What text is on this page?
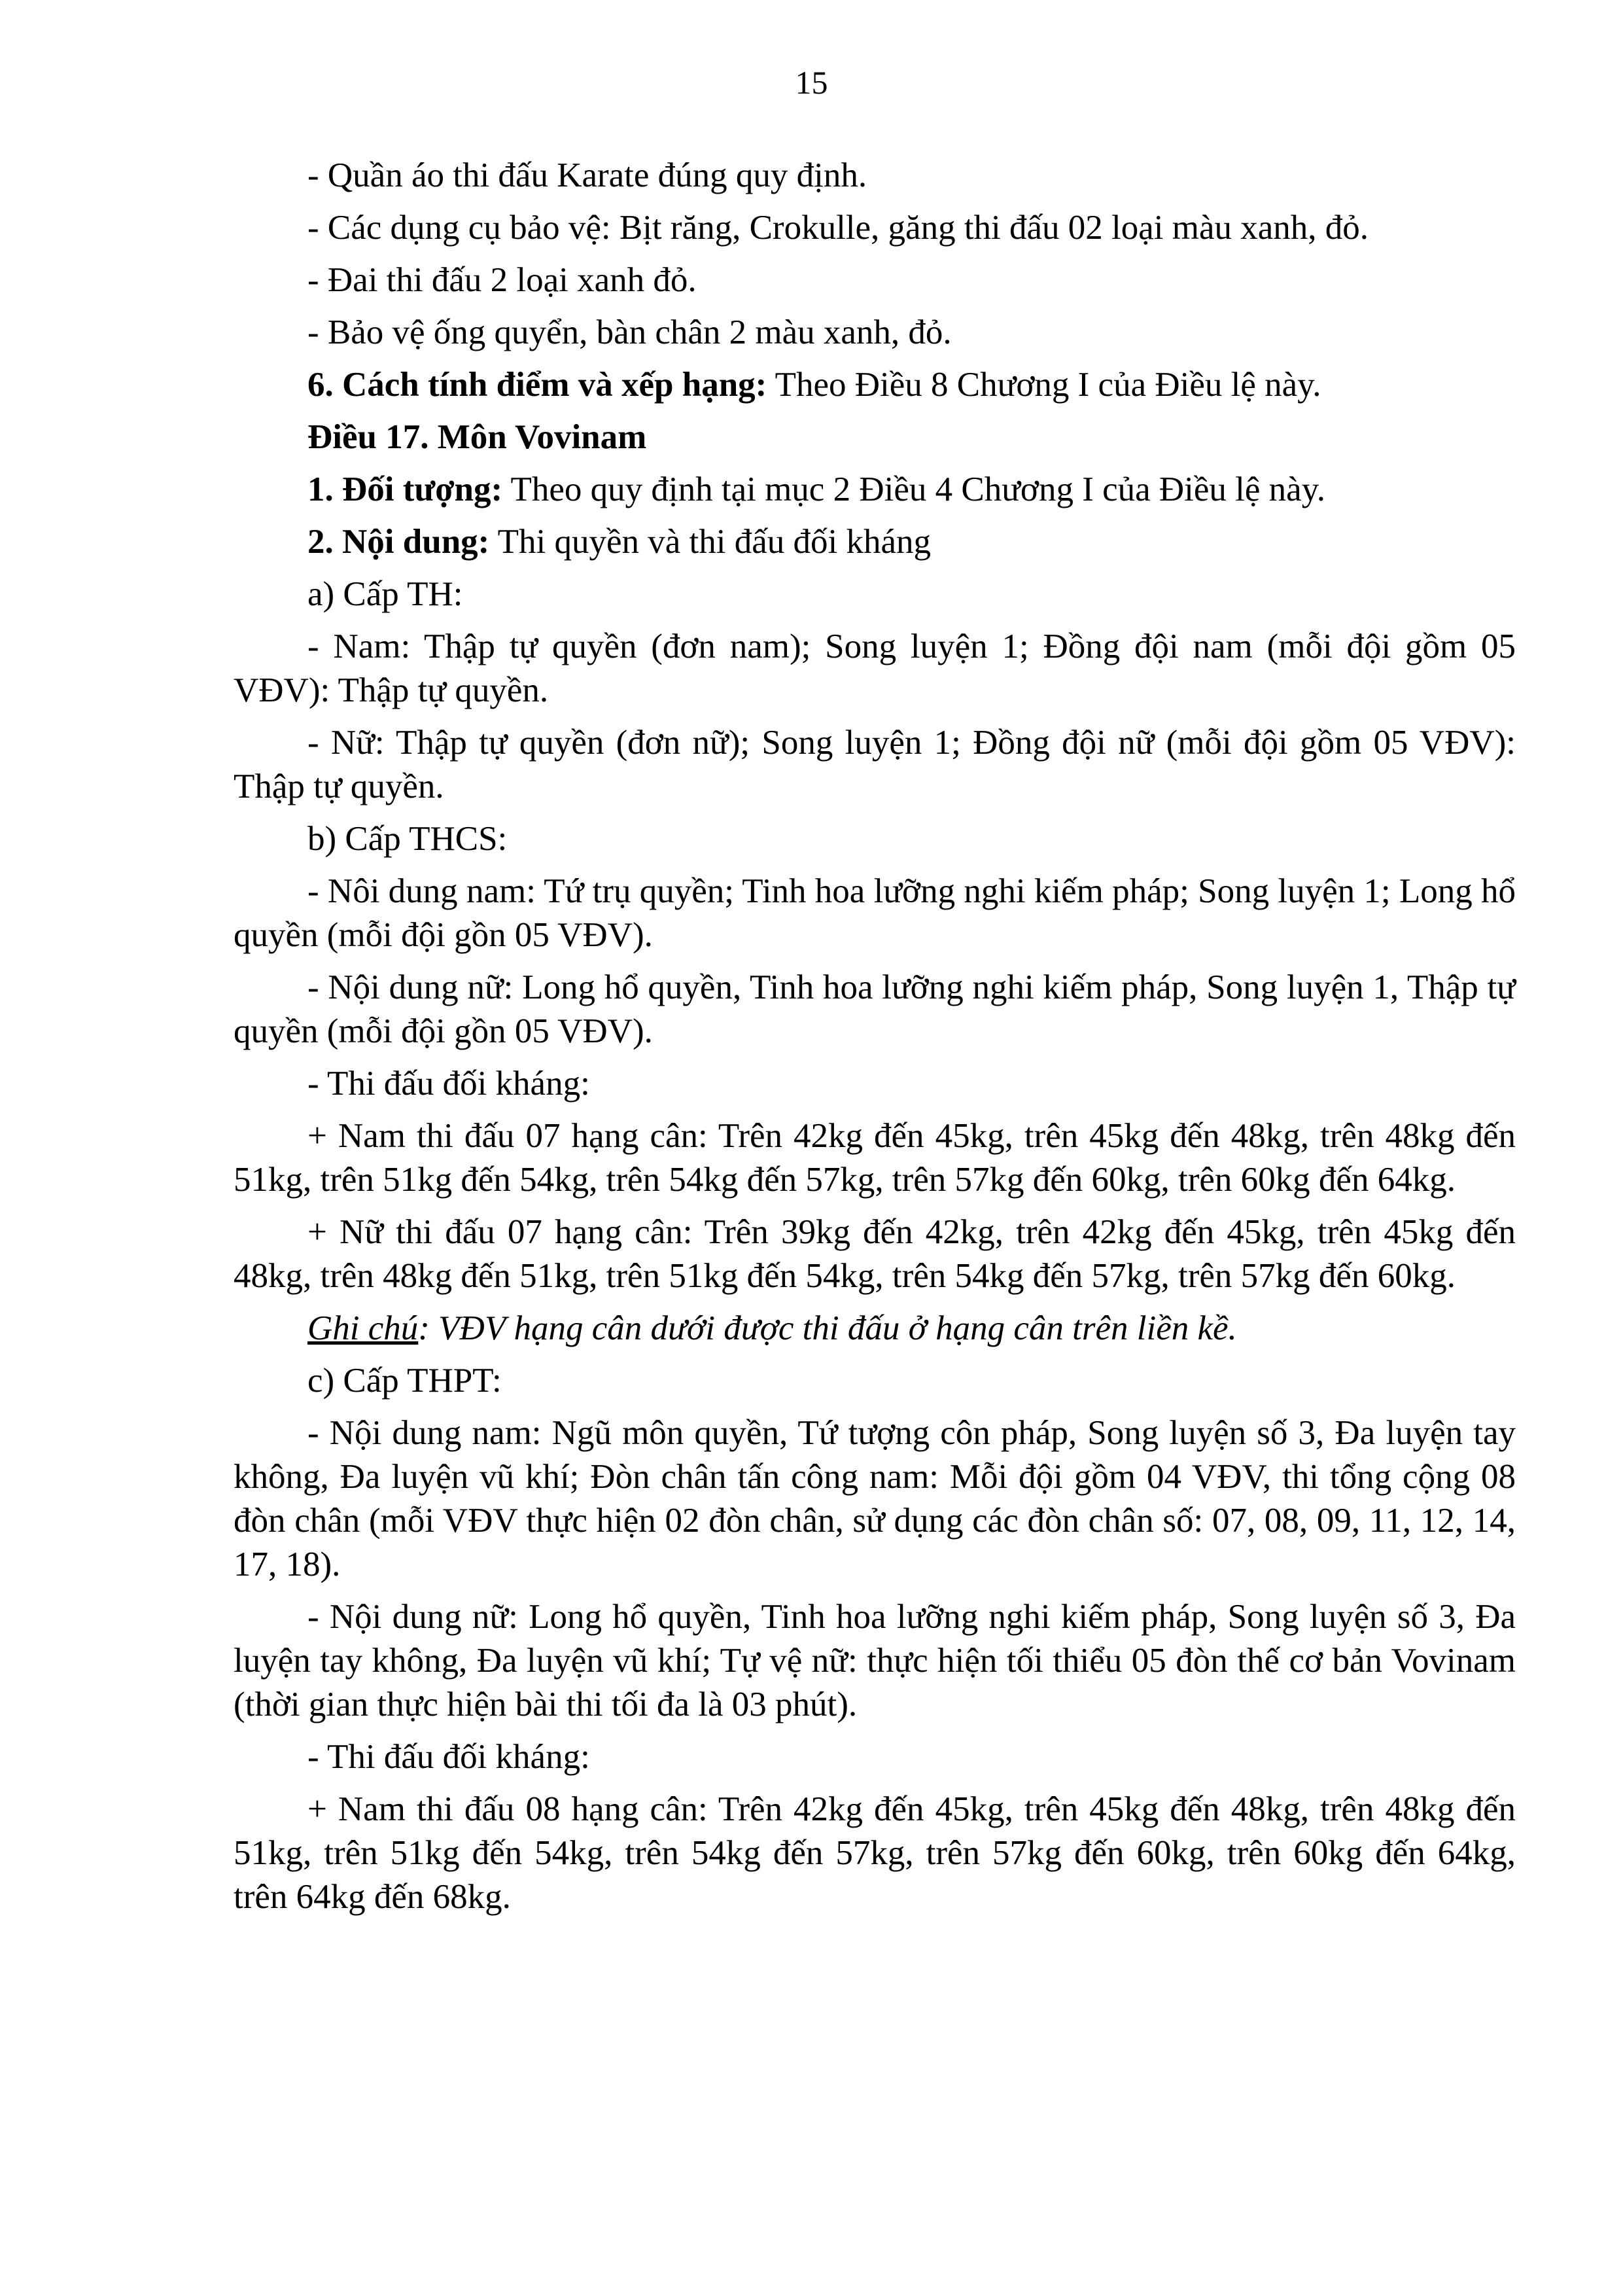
15

- Quần áo thi đấu Karate đúng quy định.

- Các dụng cụ bảo vệ: Bịt răng, Crokulle, găng thi đấu 02 loại màu xanh, đỏ.

- Đai thi đấu 2 loại xanh đỏ.

- Bảo vệ ống quyển, bàn chân 2 màu xanh, đỏ.

6. Cách tính điểm và xếp hạng: Theo Điều 8 Chương I của Điều lệ này.

Điều 17. Môn Vovinam

1. Đối tượng: Theo quy định tại mục 2 Điều 4 Chương I của Điều lệ này.

2. Nội dung: Thi quyền và thi đấu đối kháng

a) Cấp TH:

- Nam: Thập tự quyền (đơn nam); Song luyện 1; Đồng đội nam (mỗi đội gồm 05 VĐV): Thập tự quyền.

- Nữ: Thập tự quyền (đơn nữ); Song luyện 1; Đồng đội nữ (mỗi đội gồm 05 VĐV): Thập tự quyền.

b) Cấp THCS:

- Nôi dung nam: Tứ trụ quyền; Tinh hoa lưỡng nghi kiếm pháp; Song luyện 1; Long hổ quyền (mỗi đội gồn 05 VĐV).

- Nội dung nữ: Long hổ quyền, Tinh hoa lưỡng nghi kiếm pháp, Song luyện 1, Thập tự quyền (mỗi đội gồn 05 VĐV).

- Thi đấu đối kháng:

+ Nam thi đấu 07 hạng cân: Trên 42kg đến 45kg, trên 45kg đến 48kg, trên 48kg đến 51kg, trên 51kg đến 54kg, trên 54kg đến 57kg, trên 57kg đến 60kg, trên 60kg đến 64kg.

+ Nữ thi đấu 07 hạng cân: Trên 39kg đến 42kg, trên 42kg đến 45kg, trên 45kg đến 48kg, trên 48kg đến 51kg, trên 51kg đến 54kg, trên 54kg đến 57kg, trên 57kg đến 60kg.

Ghi chú: VĐV hạng cân dưới được thi đấu ở hạng cân trên liền kề.

c) Cấp THPT:

- Nội dung nam: Ngũ môn quyền, Tứ tượng côn pháp, Song luyện số 3, Đa luyện tay không, Đa luyện vũ khí; Đòn chân tấn công nam: Mỗi đội gồm 04 VĐV, thi tổng cộng 08 đòn chân (mỗi VĐV thực hiện 02 đòn chân, sử dụng các đòn chân số: 07, 08, 09, 11, 12, 14, 17, 18).

- Nội dung nữ: Long hổ quyền, Tinh hoa lưỡng nghi kiếm pháp, Song luyện số 3, Đa luyện tay không, Đa luyện vũ khí; Tự vệ nữ: thực hiện tối thiểu 05 đòn thế cơ bản Vovinam (thời gian thực hiện bài thi tối đa là 03 phút).

- Thi đấu đối kháng:

+ Nam thi đấu 08 hạng cân: Trên 42kg đến 45kg, trên 45kg đến 48kg, trên 48kg đến 51kg, trên 51kg đến 54kg, trên 54kg đến 57kg, trên 57kg đến 60kg, trên 60kg đến 64kg, trên 64kg đến 68kg.
